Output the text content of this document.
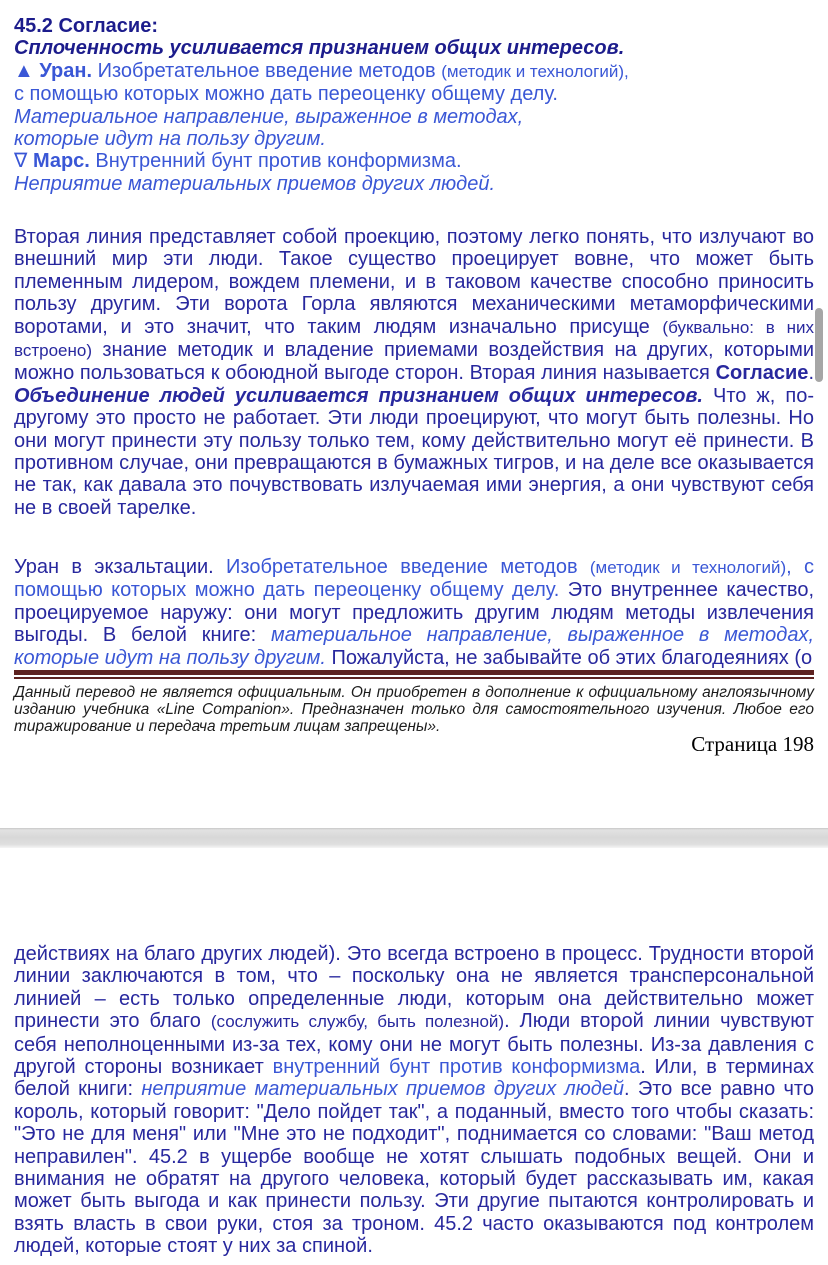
45.2 Согласие:
Сплоченность усиливается признанием общих интересов.
▲ Уран. Изобретательное введение методов (методик и технологий),
с помощью которых можно дать переоценку общему делу.
Материальное направление, выраженное в методах,
которые идут на пользу другим.
∇ Марс. Внутренний бунт против конформизма.
Неприятие материальных приемов других людей.

Вторая линия представляет собой проекцию, поэтому легко понять, что излучают во внешний мир эти люди. Такое существо проецирует вовне, что может быть племенным лидером, вождем племени, и в таковом качестве способно приносить пользу другим. Эти ворота Горла являются механическими метаморфическими воротами, и это значит, что таким людям изначально присуще (буквально: в них встроено) знание методик и владение приемами воздействия на других, которыми можно пользоваться к обоюдной выгоде сторон. Вторая линия называется Согласие. Объединение людей усиливается признанием общих интересов. Что ж, по-другому это просто не работает. Эти люди проецируют, что могут быть полезны. Но они могут принести эту пользу только тем, кому действительно могут её принести. В противном случае, они превращаются в бумажных тигров, и на деле все оказывается не так, как давала это почувствовать излучаемая ими энергия, а они чувствуют себя не в своей тарелке.

Уран в экзальтации. Изобретательное введение методов (методик и технологий), с помощью которых можно дать переоценку общему делу. Это внутреннее качество, проецируемое наружу: они могут предложить другим людям методы извлечения выгоды. В белой книге: материальное направление, выраженное в методах, которые идут на пользу другим. Пожалуйста, не забывайте об этих благодеяниях (о

Данный перевод не является официальным. Он приобретен в дополнение к официальному англоязычному изданию учебника «Line Companion». Предназначен только для самостоятельного изучения. Любое его тиражирование и передача третьим лицам запрещены».

Страница 198

действиях на благо других людей). Это всегда встроено в процесс. Трудности второй линии заключаются в том, что – поскольку она не является трансперсональной линией – есть только определенные люди, которым она действительно может принести это благо (сослужить службу, быть полезной). Люди второй линии чувствуют себя неполноценными из-за тех, кому они не могут быть полезны. Из-за давления с другой стороны возникает внутренний бунт против конформизма. Или, в терминах белой книги: неприятие материальных приемов других людей. Это все равно что король, который говорит: "Дело пойдет так", а поданный, вместо того чтобы сказать: "Это не для меня" или "Мне это не подходит", поднимается со словами: "Ваш метод неправилен". 45.2 в ущербе вообще не хотят слышать подобных вещей. Они и внимания не обратят на другого человека, который будет рассказывать им, какая может быть выгода и как принести пользу. Эти другие пытаются контролировать и взять власть в свои руки, стоя за троном. 45.2 часто оказываются под контролем людей, которые стоят у них за спиной.
